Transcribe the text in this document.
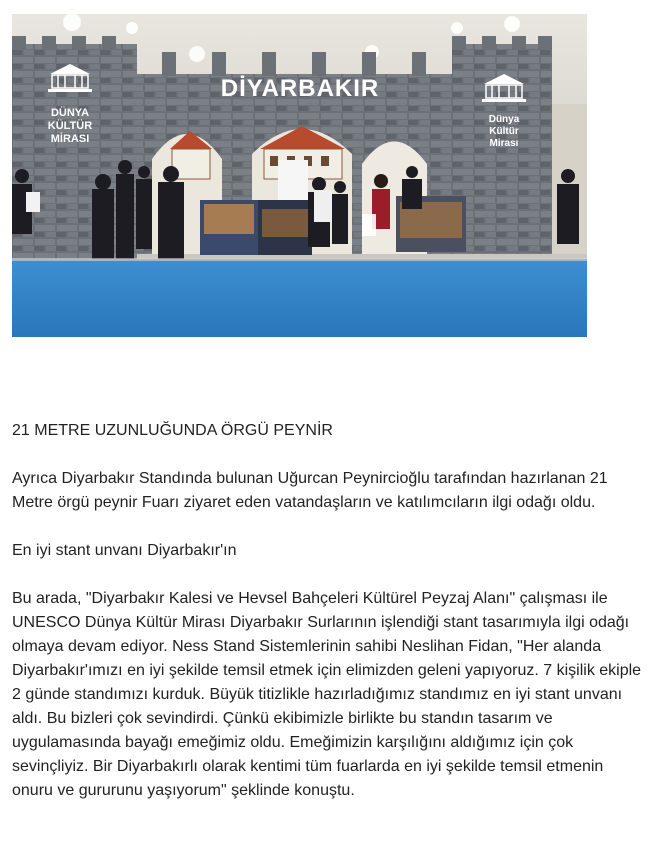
DÜNYA
KÜLTÜR
MİRASI
Dünya
Kültür
Mirası
DİYARBAKIR

21 METRE UZUNLUĞUNDA ÖRGÜ PEYNİR

Ayrıca Diyarbakır Standında bulunan Uğurcan Peynircioğlu tarafından hazırlanan 21 Metre örgü peynir Fuarı ziyaret eden vatandaşların ve katılımcıların ilgi odağı oldu.

En iyi stant unvanı Diyarbakır'ın

Bu arada, "Diyarbakır Kalesi ve Hevsel Bahçeleri Kültürel Peyzaj Alanı" çalışması ile UNESCO Dünya Kültür Mirası Diyarbakır Surlarının işlendiği stant tasarımıyla ilgi odağı olmaya devam ediyor. Ness Stand Sistemlerinin sahibi Neslihan Fidan, "Her alanda Diyarbakır'ımızı en iyi şekilde temsil etmek için elimizden geleni yapıyoruz. 7 kişilik ekiple 2 günde standımızı kurduk. Büyük titizlikle hazırladığımız standımız en iyi stant unvanı aldı. Bu bizleri çok sevindirdi. Çünkü ekibimizle birlikte bu standın tasarım ve uygulamasında bayağı emeğimiz oldu. Emeğimizin karşılığını aldığımız için çok sevinçliyiz. Bir Diyarbakırlı olarak kentimi tüm fuarlarda en iyi şekilde temsil etmenin onuru ve gururunu yaşıyorum" şeklinde konuştu.
